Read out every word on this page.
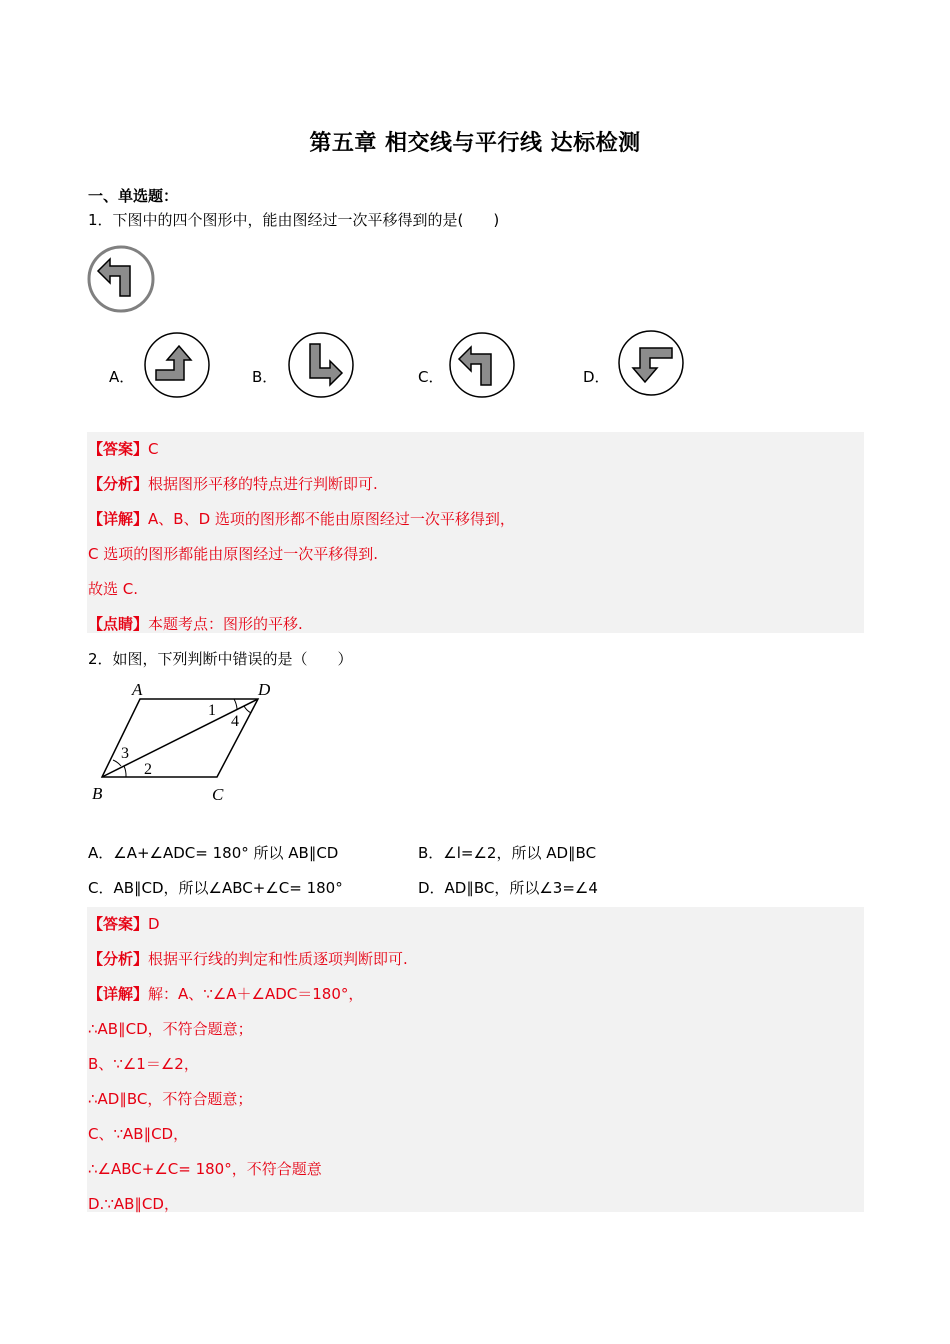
第五章 相交线与平行线 达标检测
一、单选题：
1．下图中的四个图形中，能由图经过一次平移得到的是(　　)
A．	B．	C．	D．
【答案】C
【分析】根据图形平移的特点进行判断即可.
【详解】A、B、D 选项的图形都不能由原图经过一次平移得到，
C 选项的图形都能由原图经过一次平移得到.
故选 C.
【点睛】本题考点：图形的平移.
2．如图，下列判断中错误的是（　　）
A	D
B	C
1
2
3
4
A．∠A+∠ADC= 180° 所以 AB∥CD	B．∠l=∠2，所以 AD∥BC
C．AB∥CD，所以∠ABC+∠C= 180°	D．AD∥BC，所以∠3=∠4
【答案】D
【分析】根据平行线的判定和性质逐项判断即可.
【详解】解：A、∵∠A＋∠ADC＝180°，
∴AB∥CD，不符合题意；
B、∵∠1＝∠2，
∴AD∥BC，不符合题意；
C、∵AB∥CD，
∴∠ABC+∠C= 180°，不符合题意
D.∵AB∥CD，
